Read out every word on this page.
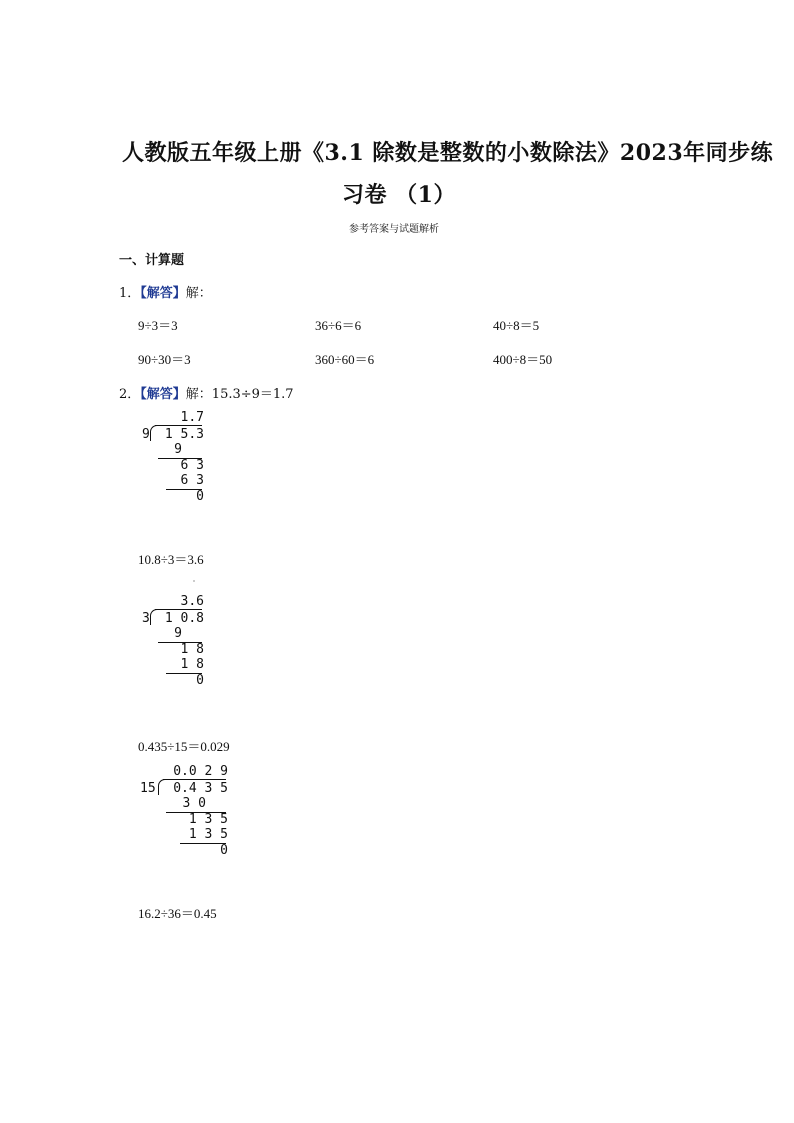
人教版五年级上册《3.1 除数是整数的小数除法》2023年同步练
习卷 （1）
参考答案与试题解析
一、计算题
1．【解答】解：
9÷3＝3	36÷6＝6	40÷8＝5
90÷30＝3	360÷60＝6	400÷8＝50
2．【解答】解：15.3÷9＝1.7
1.7
9 1 5.3
9
6 3
6 3
0
10.8÷3＝3.6
3.6
3 1 0.8
9
1 8
1 8
0
0.435÷15＝0.029
0.0 2 9
15 0.4 3 5
3 0
1 3 5
1 3 5
0
16.2÷36＝0.45
